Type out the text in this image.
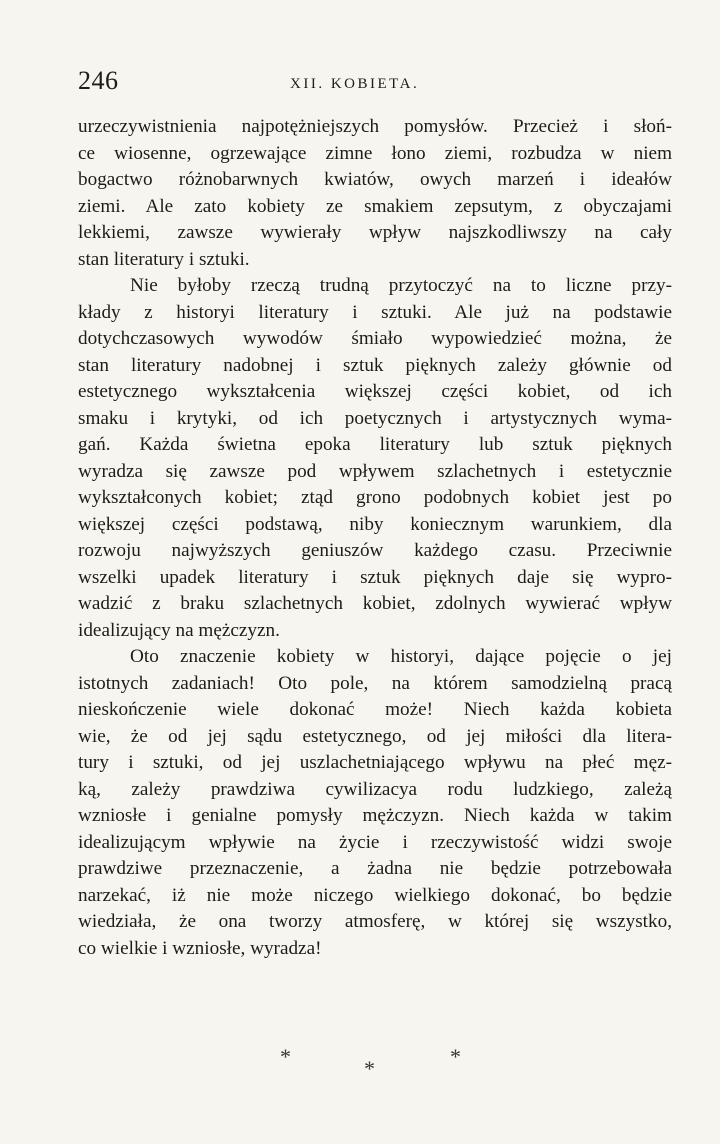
246	XII. KOBIETA.
urzeczywistnienia najpotężniejszych pomysłów. Przecież i słoń-
ce wiosenne, ogrzewające zimne łono ziemi, rozbudza w niem
bogactwo różnobarwnych kwiatów, owych marzeń i ideałów
ziemi. Ale zato kobiety ze smakiem zepsutym, z obyczajami
lekkiemi, zawsze wywierały wpływ najszkodliwszy na cały
stan literatury i sztuki.
Nie byłoby rzeczą trudną przytoczyć na to liczne przy-
kłady z historyi literatury i sztuki. Ale już na podstawie
dotychczasowych wywodów śmiało wypowiedzieć można, że
stan literatury nadobnej i sztuk pięknych zależy głównie od
estetycznego wykształcenia większej części kobiet, od ich
smaku i krytyki, od ich poetycznych i artystycznych wyma-
gań. Każda świetna epoka literatury lub sztuk pięknych
wyradza się zawsze pod wpływem szlachetnych i estetycznie
wykształconych kobiet; ztąd grono podobnych kobiet jest po
większej części podstawą, niby koniecznym warunkiem, dla
rozwoju najwyższych geniuszów każdego czasu. Przeciwnie
wszelki upadek literatury i sztuk pięknych daje się wypro-
wadzić z braku szlachetnych kobiet, zdolnych wywierać wpływ
idealizujący na mężczyzn.
Oto znaczenie kobiety w historyi, dające pojęcie o jej
istotnych zadaniach! Oto pole, na którem samodzielną pracą
nieskończenie wiele dokonać może! Niech każda kobieta
wie, że od jej sądu estetycznego, od jej miłości dla litera-
tury i sztuki, od jej uszlachetniającego wpływu na płeć męz-
ką, zależy prawdziwa cywilizacya rodu ludzkiego, zależą
wzniosłe i genialne pomysły mężczyzn. Niech każda w takim
idealizującym wpływie na życie i rzeczywistość widzi swoje
prawdziwe przeznaczenie, a żadna nie będzie potrzebowała
narzekać, iż nie może niczego wielkiego dokonać, bo będzie
wiedziała, że ona tworzy atmosferę, w której się wszystko,
co wielkie i wzniosłe, wyradza!
*	*	*
